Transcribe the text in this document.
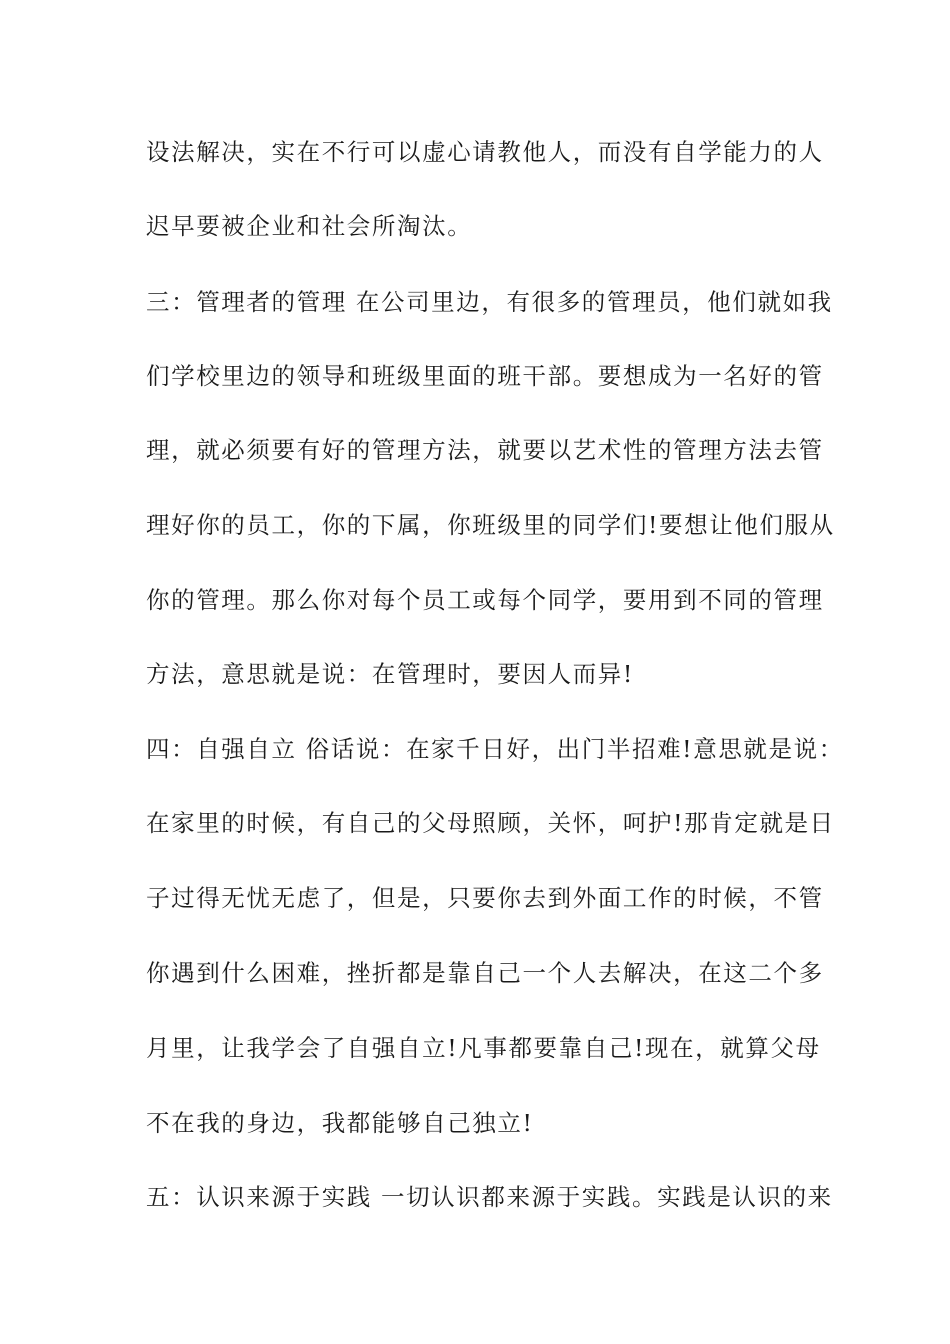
设法解决，实在不行可以虚心请教他人，而没有自学能力的人
迟早要被企业和社会所淘汰。
三：管理者的管理 在公司里边，有很多的管理员，他们就如我
们学校里边的领导和班级里面的班干部。要想成为一名好的管
理，就必须要有好的管理方法，就要以艺术性的管理方法去管
理好你的员工，你的下属，你班级里的同学们!要想让他们服从
你的管理。那么你对每个员工或每个同学，要用到不同的管理
方法，意思就是说：在管理时，要因人而异!
四：自强自立 俗话说：在家千日好，出门半招难!意思就是说：
在家里的时候，有自己的父母照顾，关怀，呵护!那肯定就是日
子过得无忧无虑了，但是，只要你去到外面工作的时候，不管
你遇到什么困难，挫折都是靠自己一个人去解决，在这二个多
月里，让我学会了自强自立!凡事都要靠自己!现在，就算父母
不在我的身边，我都能够自己独立!
五：认识来源于实践 一切认识都来源于实践。实践是认识的来
